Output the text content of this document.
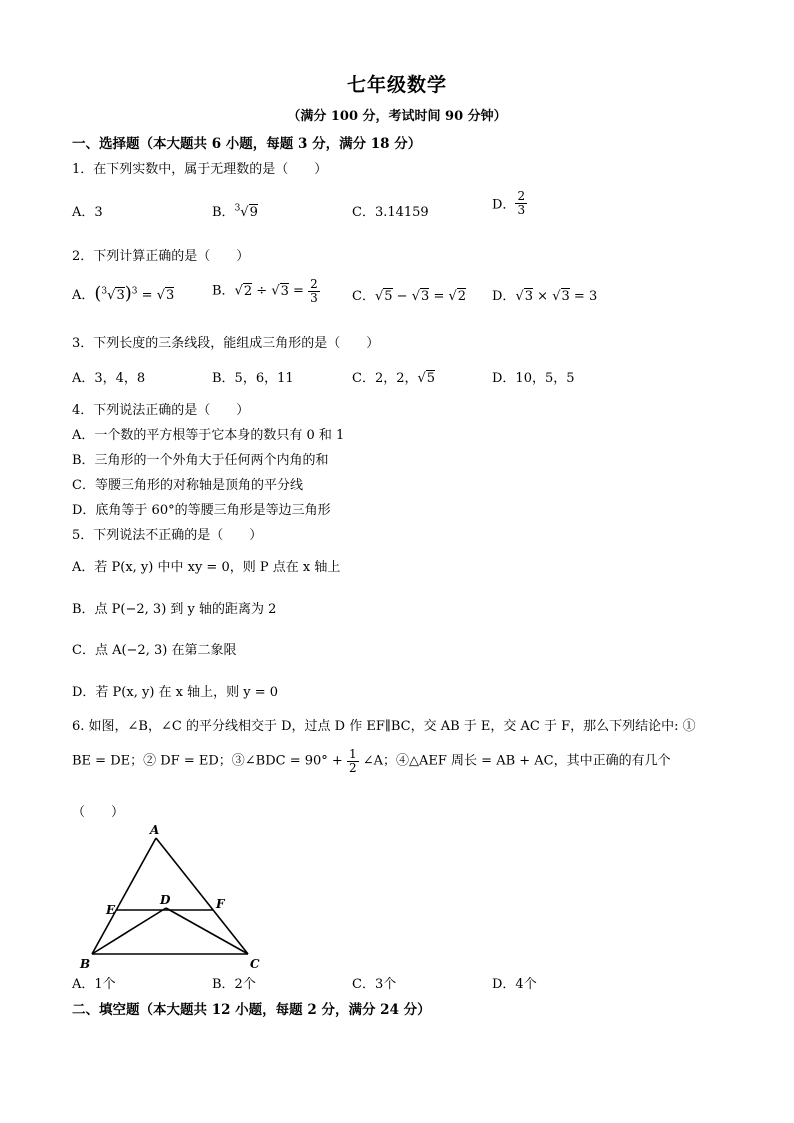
七年级数学
（满分 100 分，考试时间 90 分钟）
一、选择题（本大题共 6 小题，每题 3 分，满分 18 分）
1．在下列实数中，属于无理数的是（　　）
A．3	B．$^3$√9	C．3.14159	D． $\frac{2}{3}$
2．下列计算正确的是（　　）
A．$(^3√3)^3 = √3$	B．$√2 \div √3 = \frac{2}{3}$ C．√5 − √3 = √2 D．√3 × √3 = 3
3．下列长度的三条线段，能组成三角形的是（　　）
A．3，4，8	B．5，6，11	C．2，2，√5	D．10，5，5
4．下列说法正确的是（　　）
A．一个数的平方根等于它本身的数只有 0 和 1
B．三角形的一个外角大于任何两个内角的和
C．等腰三角形的对称轴是顶角的平分线
D．底角等于 60°的等腰三角形是等边三角形
5．下列说法不正确的是（　　）
A．若 P(x, y) 中中 xy = 0，则 P 点在 x 轴上
B．点 P(−2, 3) 到 y 轴的距离为 2
C．点 A(−2, 3) 在第二象限
D．若 P(x, y) 在 x 轴上，则 y = 0
6. 如图，∠B，∠C 的平分线相交于 D，过点 D 作 EF∥BC，交 AB 于 E，交 AC 于 F，那么下列结论中: ①
BE = DE；② DF = ED；③∠BDC = $90^\circ + \frac{1}{2}$ ∠A；④△AEF 周长 = AB + AC，其中正确的有几个
（　　）
A
B	C
D
E	F
A．1个	B．2个	C．3个	D．4个
二、填空题（本大题共 12 小题，每题 2 分，满分 24 分）
